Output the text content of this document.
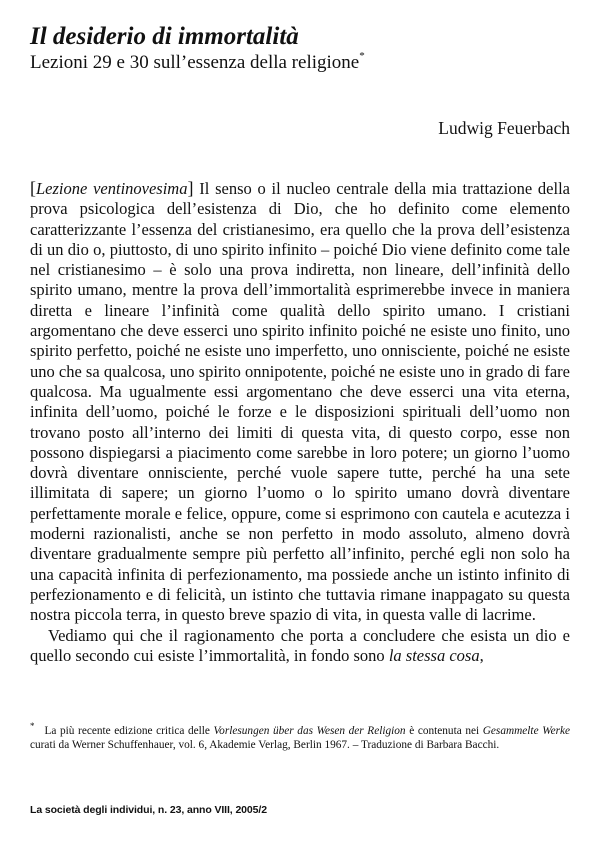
Il desiderio di immortalità

Lezioni 29 e 30 sull’essenza della religione*

Ludwig Feuerbach

[Lezione ventinovesima] Il senso o il nucleo centrale della mia trattazione della prova psicologica dell’esistenza di Dio, che ho definito come elemento caratterizzante l’essenza del cristianesimo, era quello che la prova dell’esistenza di un dio o, piuttosto, di uno spirito infinito – poiché Dio viene definito come tale nel cristianesimo – è solo una prova indiretta, non lineare, dell’infinità dello spirito umano, mentre la prova dell’immortalità esprimerebbe invece in maniera diretta e lineare l’infinità come qualità dello spirito umano. I cristiani argomentano che deve esserci uno spirito infinito poiché ne esiste uno finito, uno spirito perfetto, poiché ne esiste uno imperfetto, uno onnisciente, poiché ne esiste uno che sa qualcosa, uno spirito onnipotente, poiché ne esiste uno in grado di fare qualcosa. Ma ugualmente essi argomentano che deve esserci una vita eterna, infinita dell’uomo, poiché le forze e le disposizioni spirituali dell’uomo non trovano posto all’interno dei limiti di questa vita, di questo corpo, esse non possono dispiegarsi a piacimento come sarebbe in loro potere; un giorno l’uomo dovrà diventare onnisciente, perché vuole sapere tutte, perché ha una sete illimitata di sapere; un giorno l’uomo o lo spirito umano dovrà diventare perfettamente morale e felice, oppure, come si esprimono con cautela e acutezza i moderni razionalisti, anche se non perfetto in modo assoluto, almeno dovrà diventare gradualmente sempre più perfetto all’infinito, perché egli non solo ha una capacità infinita di perfezionamento, ma possiede anche un istinto infinito di perfezionamento e di felicità, un istinto che tuttavia rimane inappagato su questa nostra piccola terra, in questo breve spazio di vita, in questa valle di lacrime.

Vediamo qui che il ragionamento che porta a concludere che esista un dio e quello secondo cui esiste l’immortalità, in fondo sono la stessa cosa,

* La più recente edizione critica delle Vorlesungen über das Wesen der Religion è contenuta nei Gesammelte Werke curati da Werner Schuffenhauer, vol. 6, Akademie Verlag, Berlin 1967. – Traduzione di Barbara Bacchi.

La società degli individui, n. 23, anno VIII, 2005/2
